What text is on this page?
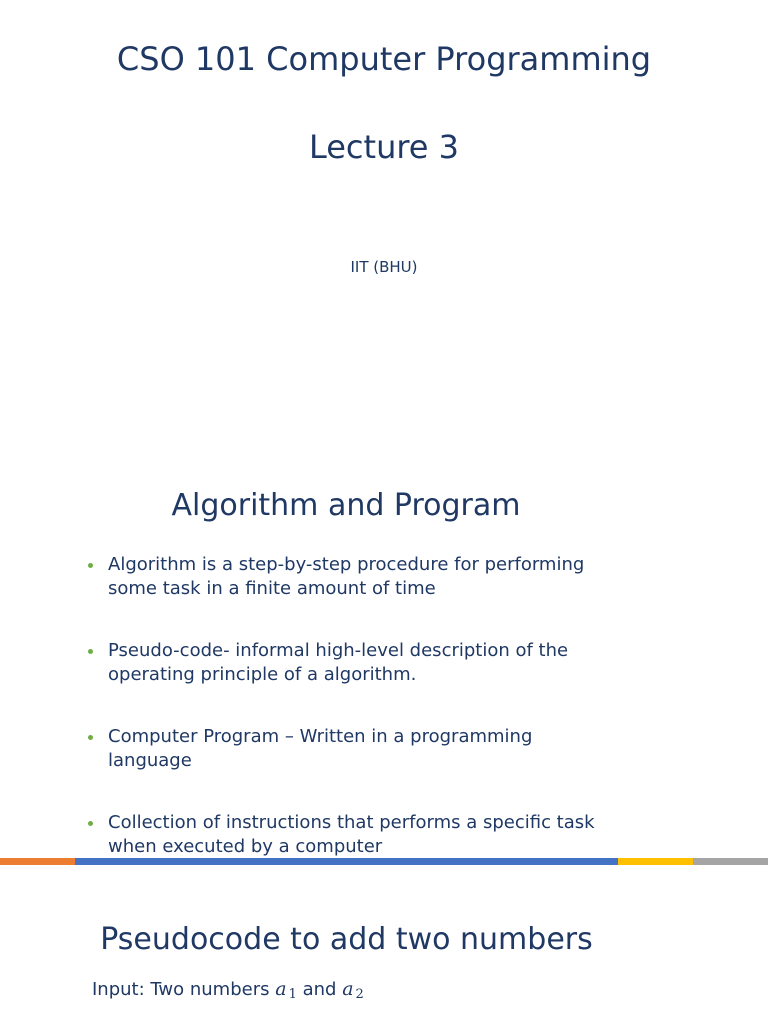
CSO 101 Computer Programming
Lecture 3

IIT (BHU)

Algorithm and Program
Algorithm is a step-by-step procedure for performing
some task in a finite amount of time
Pseudo-code- informal high-level description of the
operating principle of a algorithm.
Computer Program – Written in a programming
language
Collection of instructions that performs a specific task
when executed by a computer
Pseudocode to add two numbers

Input: Two numbers a 1 and a 2
